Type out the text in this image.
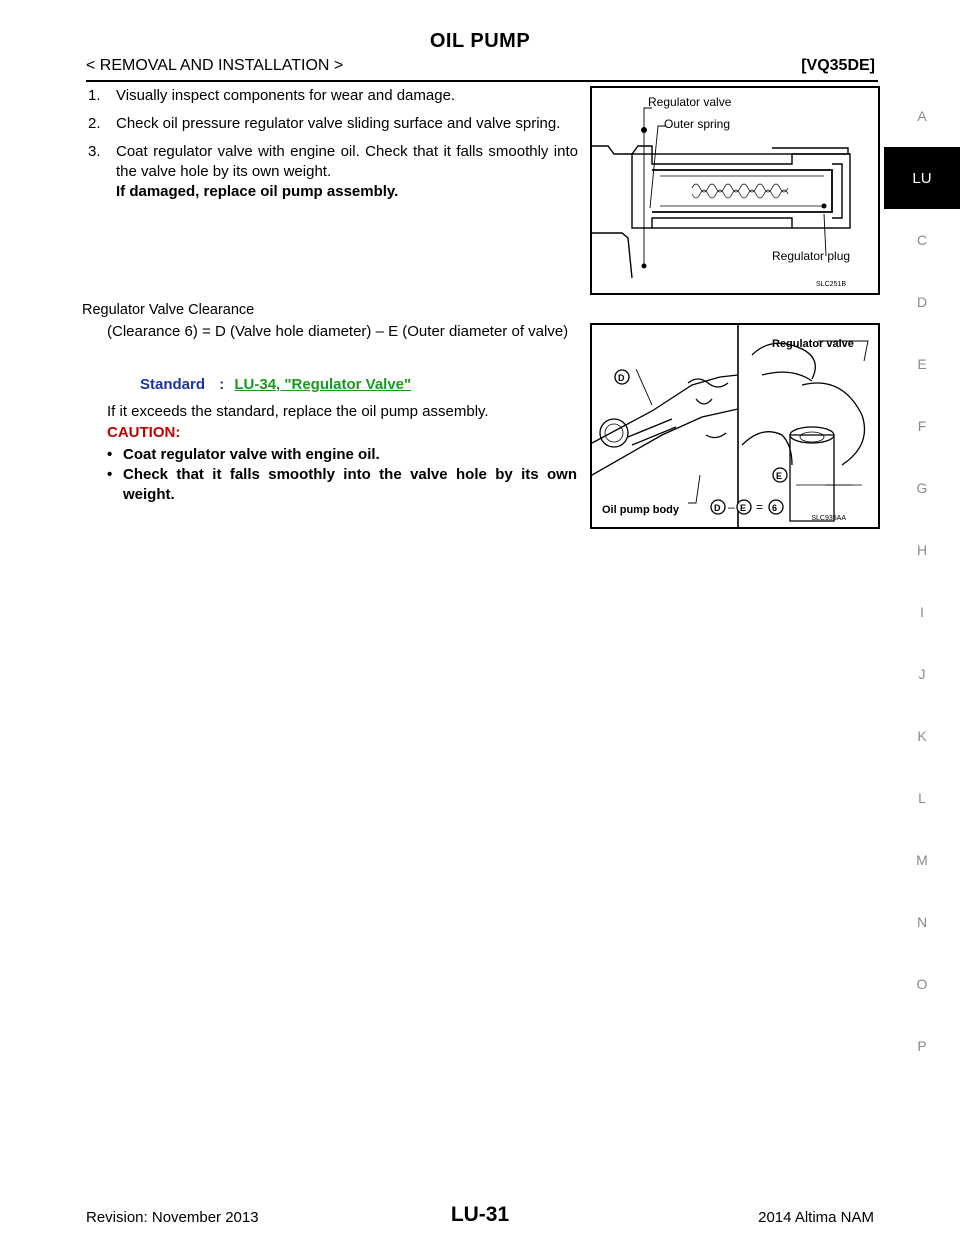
OIL PUMP
< REMOVAL AND INSTALLATION >	[VQ35DE]
A
LU
C
D
E
F
G
H
I
J
K
L
M
N
O
P
1. Visually inspect components for wear and damage.
2. Check oil pressure regulator valve sliding surface and valve spring.
3. Coat regulator valve with engine oil. Check that it falls smoothly into the valve hole by its own weight.
If damaged, replace oil pump assembly.
Regulator valve
Outer spring
Regulator plug
SLC251B
Regulator Valve Clearance
(Clearance 6) = D (Valve hole diameter) – E (Outer diameter of valve)
Standard : LU-34, "Regulator Valve"
If it exceeds the standard, replace the oil pump assembly.
CAUTION:
• Coat regulator valve with engine oil.
• Check that it falls smoothly into the valve hole by its own weight.
D
E
Oil pump body
Regulator valve
D – E = 6
SLC935AA
Revision: November 2013	LU-31	2014 Altima NAM
